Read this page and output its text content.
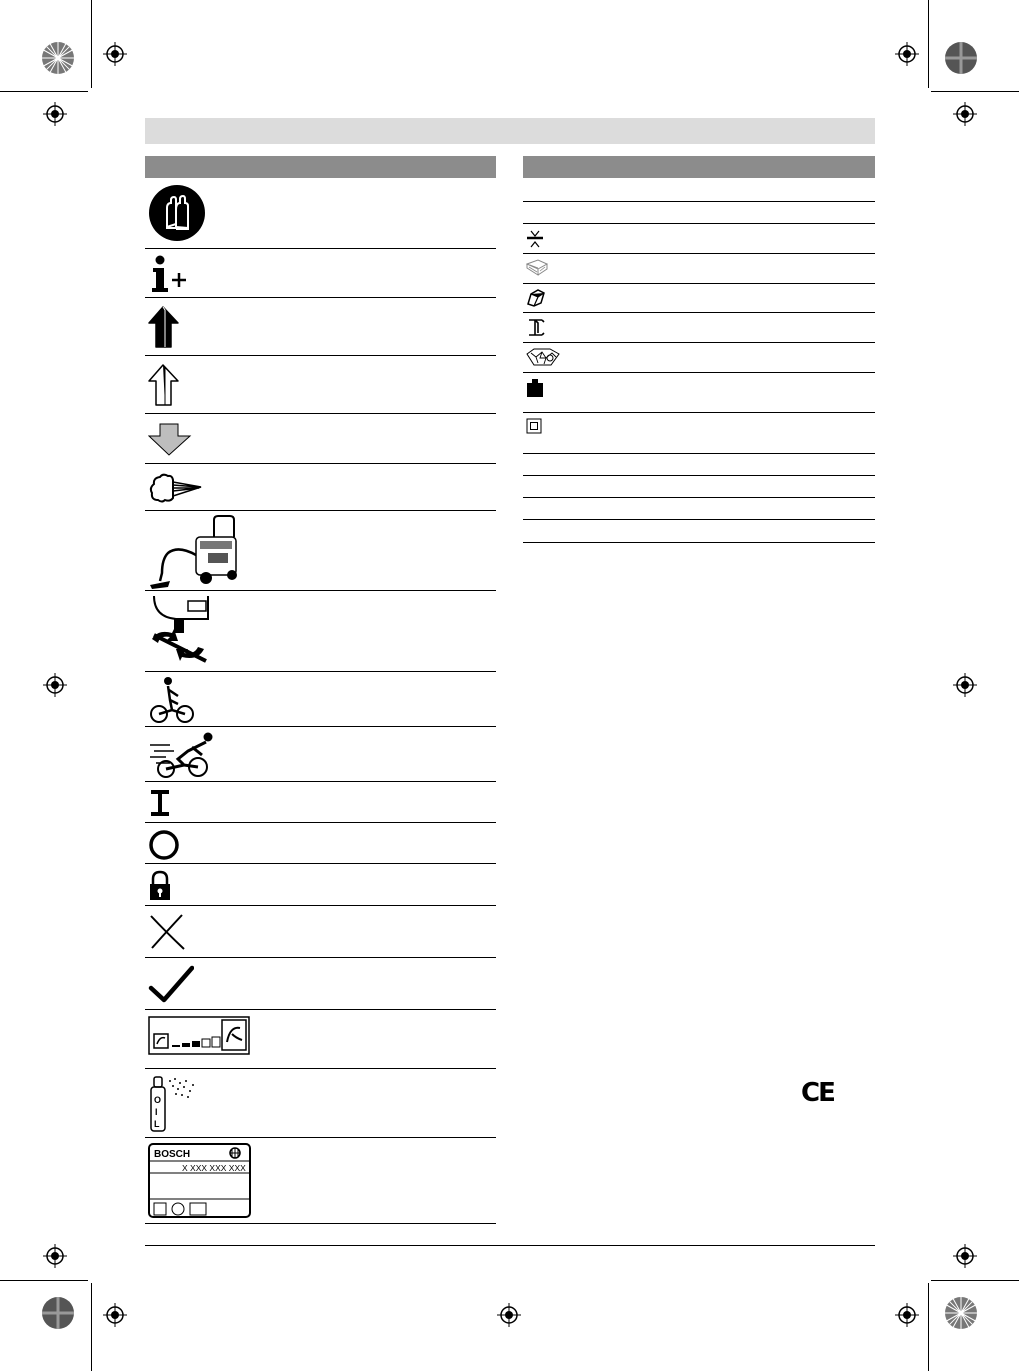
O
I
L
BOSCH
X XXX XXX XXX
CE
